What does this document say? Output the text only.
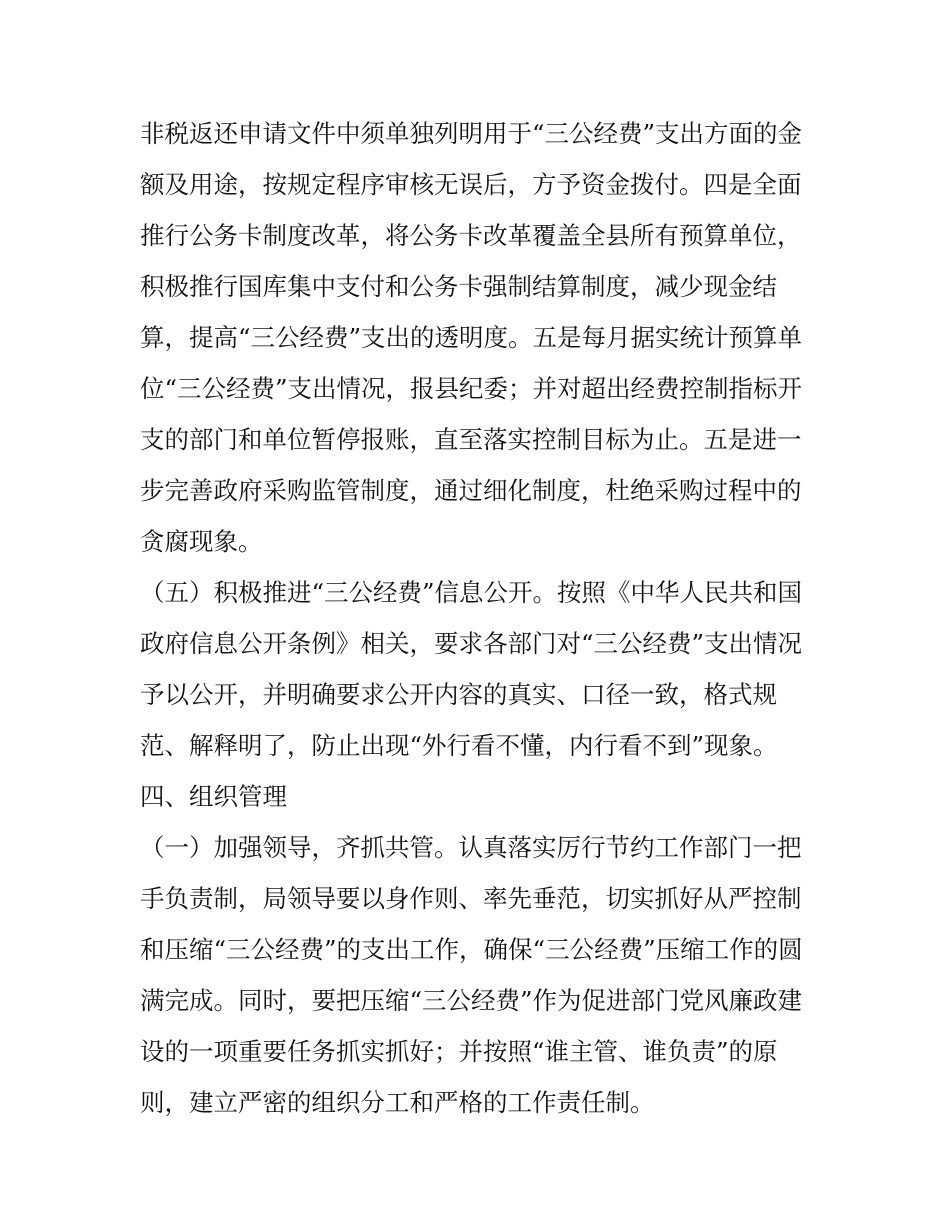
非税返还申请文件中须单独列明用于“三公经费”支出方面的金
额及用途，按规定程序审核无误后，方予资金拨付。四是全面
推行公务卡制度改革，将公务卡改革覆盖全县所有预算单位，
积极推行国库集中支付和公务卡强制结算制度，减少现金结
算，提高“三公经费”支出的透明度。五是每月据实统计预算单
位“三公经费”支出情况，报县纪委；并对超出经费控制指标开
支的部门和单位暂停报账，直至落实控制目标为止。五是进一
步完善政府采购监管制度，通过细化制度，杜绝采购过程中的
贪腐现象。
（五）积极推进“三公经费”信息公开。按照《中华人民共和国
政府信息公开条例》相关，要求各部门对“三公经费”支出情况
予以公开，并明确要求公开内容的真实、口径一致，格式规
范、解释明了，防止出现“外行看不懂，内行看不到”现象。
四、组织管理
（一）加强领导，齐抓共管。认真落实厉行节约工作部门一把
手负责制，局领导要以身作则、率先垂范，切实抓好从严控制
和压缩“三公经费”的支出工作，确保“三公经费”压缩工作的圆
满完成。同时，要把压缩“三公经费”作为促进部门党风廉政建
设的一项重要任务抓实抓好；并按照“谁主管、谁负责”的原
则，建立严密的组织分工和严格的工作责任制。
